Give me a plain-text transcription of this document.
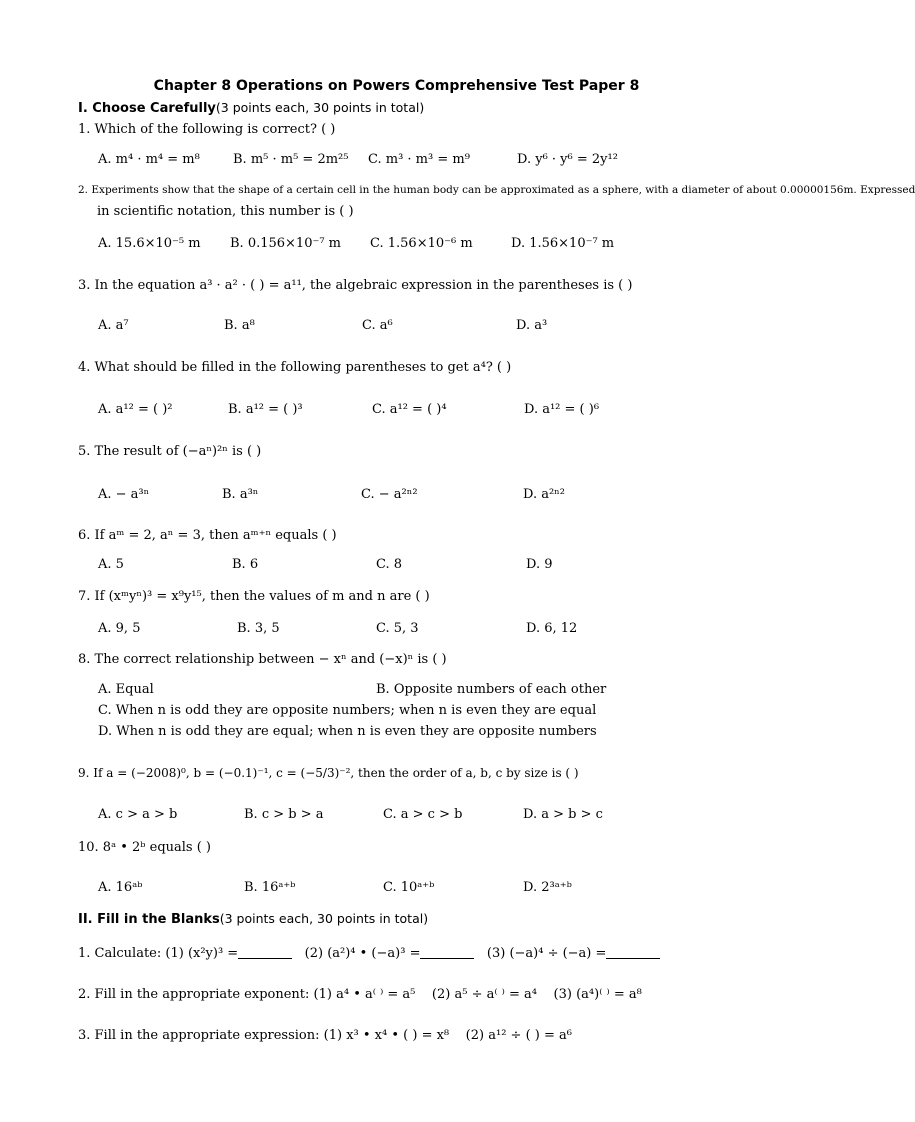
Chapter 8 Operations on Powers Comprehensive Test Paper 8
I. Choose Carefully(3 points each, 30 points in total)
1. Which of the following is correct? ( )
A. m⁴ · m⁴ = m⁸	B. m⁵ · m⁵ = 2m²⁵ C. m³ · m³ = m⁹	D. y⁶ · y⁶ = 2y¹²
2. Experiments show that the shape of a certain cell in the human body can be approximated as a sphere, with a diameter of about 0.00000156m. Expressed
in scientific notation, this number is ( )
A. 15.6×10⁻⁵ m B. 0.156×10⁻⁷ m C. 1.56×10⁻⁶ m	D. 1.56×10⁻⁷ m
3. In the equation a³ · a² · ( ) = a¹¹, the algebraic expression in the parentheses is ( )
A. a⁷	B. a⁸	C. a⁶	D. a³
4. What should be filled in the following parentheses to get a⁴? ( )
A. a¹² = ( )²	B. a¹² = ( )³	C. a¹² = ( )⁴	D. a¹² = ( )⁶
5. The result of (−aⁿ)²ⁿ is ( )
A. − a³ⁿ	B. a³ⁿ	C. − a²ⁿ²	D. a²ⁿ²
6. If aᵐ = 2, aⁿ = 3, then aᵐ⁺ⁿ equals ( )
A. 5	B. 6	C. 8	D. 9
7. If (xᵐyⁿ)³ = x⁹y¹⁵, then the values of m and n are ( )
A. 9, 5	B. 3, 5	C. 5, 3	D. 6, 12
8. The correct relationship between − xⁿ and (−x)ⁿ is ( )
A. Equal	B. Opposite numbers of each other
C. When n is odd they are opposite numbers; when n is even they are equal
D. When n is odd they are equal; when n is even they are opposite numbers
9. If a = (−2008)⁰, b = (−0.1)⁻¹, c = (−5/3)⁻², then the order of a, b, c by size is ( )
A. c > a > b	B. c > b > a	C. a > c > b	D. a > b > c
10. 8ᵃ • 2ᵇ equals ( )
A. 16ᵃᵇ	B. 16ᵃ⁺ᵇ	C. 10ᵃ⁺ᵇ	D. 2³ᵃ⁺ᵇ
II. Fill in the Blanks(3 points each, 30 points in total)
1. Calculate: (1) (x²y)³ =	(2) (a²)⁴ • (−a)³ =	(3) (−a)⁴ ÷ (−a) =
2. Fill in the appropriate exponent: (1) a⁴ • a⁽ ⁾ = a⁵ (2) a⁵ ÷ a⁽ ⁾ = a⁴ (3) (a⁴)⁽ ⁾ = a⁸
3. Fill in the appropriate expression: (1) x³ • x⁴ • ( ) = x⁸ (2) a¹² ÷ ( ) = a⁶
